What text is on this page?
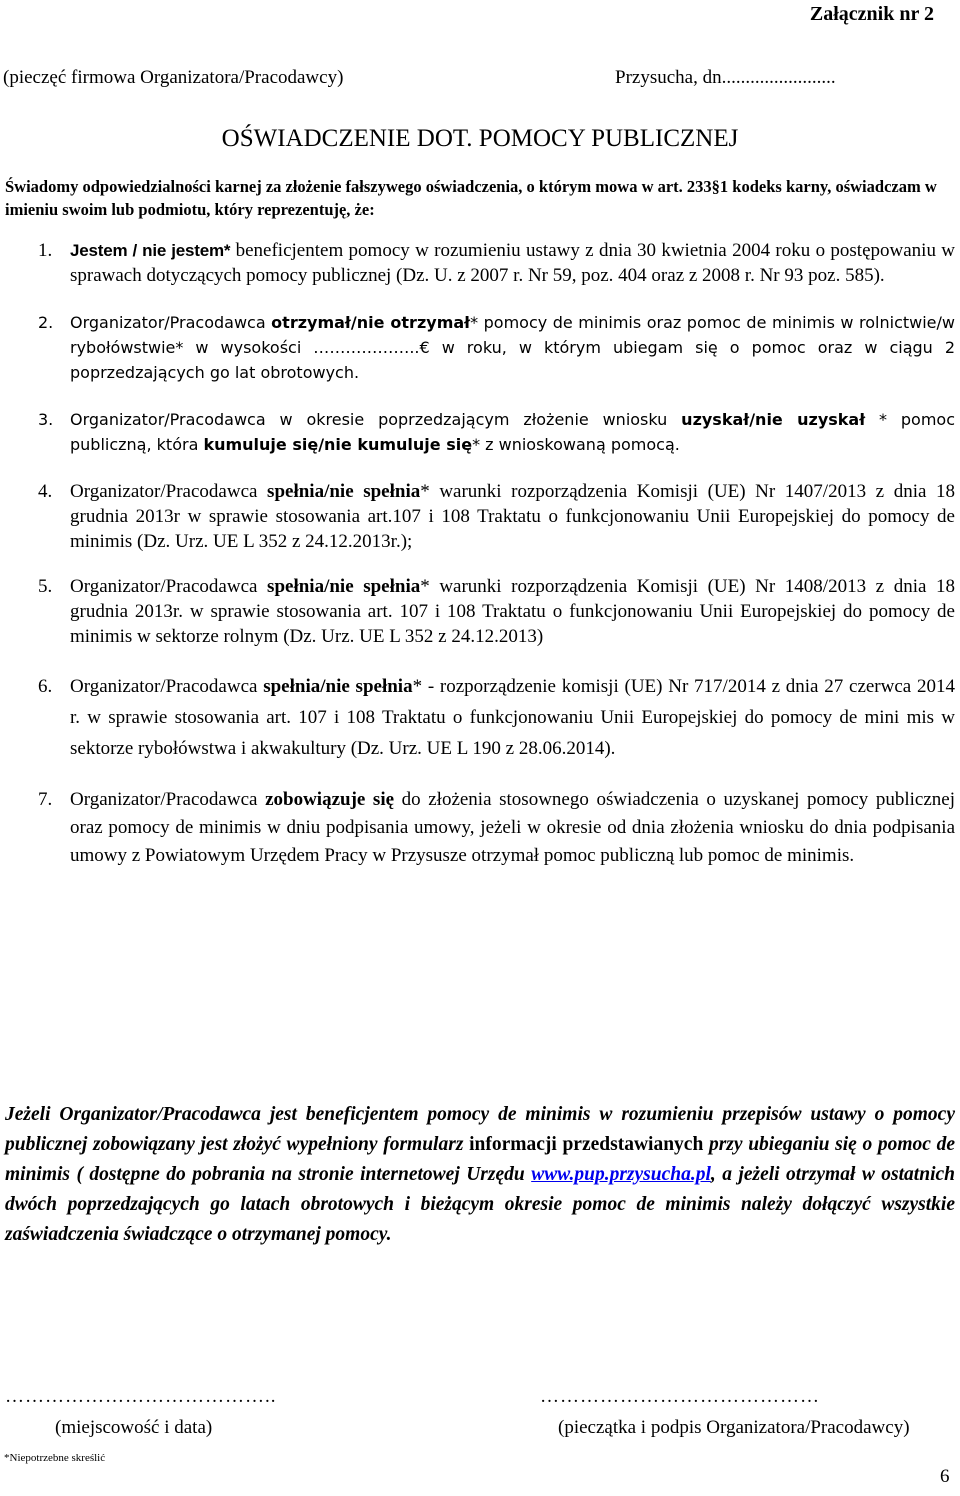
Załącznik nr 2
(pieczęć firmowa Organizatora/Pracodawcy)	Przysucha, dn........................
OŚWIADCZENIE DOT. POMOCY PUBLICZNEJ
Świadomy odpowiedzialności karnej za złożenie fałszywego oświadczenia, o którym mowa w art. 233§1 kodeks karny, oświadczam w imieniu swoim lub podmiotu, który reprezentuję, że:
1. Jestem / nie jestem* beneficjentem pomocy w rozumieniu ustawy z dnia 30 kwietnia 2004 roku o postępowaniu w sprawach dotyczących pomocy publicznej (Dz. U. z 2007 r. Nr 59, poz. 404 oraz z 2008 r. Nr 93 poz. 585).
2. Organizator/Pracodawca otrzymał/nie otrzymał* pomocy de minimis oraz pomoc de minimis w rolnictwie/w rybołówstwie* w wysokości ………………..€ w roku, w którym ubiegam się o pomoc oraz w ciągu 2 poprzedzających go lat obrotowych.
3. Organizator/Pracodawca w okresie poprzedzającym złożenie wniosku uzyskał/nie uzyskał * pomoc publiczną, która kumuluje się/nie kumuluje się* z wnioskowaną pomocą.
4. Organizator/Pracodawca spełnia/nie spełnia* warunki rozporządzenia Komisji (UE) Nr 1407/2013 z dnia 18 grudnia 2013r w sprawie stosowania art.107 i 108 Traktatu o funkcjonowaniu Unii Europejskiej do pomocy de minimis (Dz. Urz. UE L 352 z 24.12.2013r.);
5. Organizator/Pracodawca spełnia/nie spełnia* warunki rozporządzenia Komisji (UE) Nr 1408/2013 z dnia 18 grudnia 2013r. w sprawie stosowania art. 107 i 108 Traktatu o funkcjonowaniu Unii Europejskiej do pomocy de minimis w sektorze rolnym (Dz. Urz. UE L 352 z 24.12.2013)
6. Organizator/Pracodawca spełnia/nie spełnia* - rozporządzenie komisji (UE) Nr 717/2014 z dnia 27 czerwca 2014 r. w sprawie stosowania art. 107 i 108 Traktatu o funkcjonowaniu Unii Europejskiej do pomocy de mini mis w sektorze rybołówstwa i akwakultury (Dz. Urz. UE L 190 z 28.06.2014).
7. Organizator/Pracodawca zobowiązuje się do złożenia stosownego oświadczenia o uzyskanej pomocy publicznej oraz pomocy de minimis w dniu podpisania umowy, jeżeli w okresie od dnia złożenia wniosku do dnia podpisania umowy z Powiatowym Urzędem Pracy w Przysusze otrzymał pomoc publiczną lub pomoc de minimis.
Jeżeli Organizator/Pracodawca jest beneficjentem pomocy de minimis w rozumieniu przepisów ustawy o pomocy publicznej zobowiązany jest złożyć wypełniony formularz informacji przedstawianych przy ubieganiu się o pomoc de minimis ( dostępne do pobrania na stronie internetowej Urzędu www.pup.przysucha.pl, a jeżeli otrzymał w ostatnich dwóch poprzedzających go latach obrotowych i bieżącym okresie pomoc de minimis należy dołączyć wszystkie zaświadczenia świadczące o otrzymanej pomocy.
…………………………………..	……………………………………
(miejscowość i data)	(pieczątka i podpis Organizatora/Pracodawcy)
*Niepotrzebne skreślić
6
